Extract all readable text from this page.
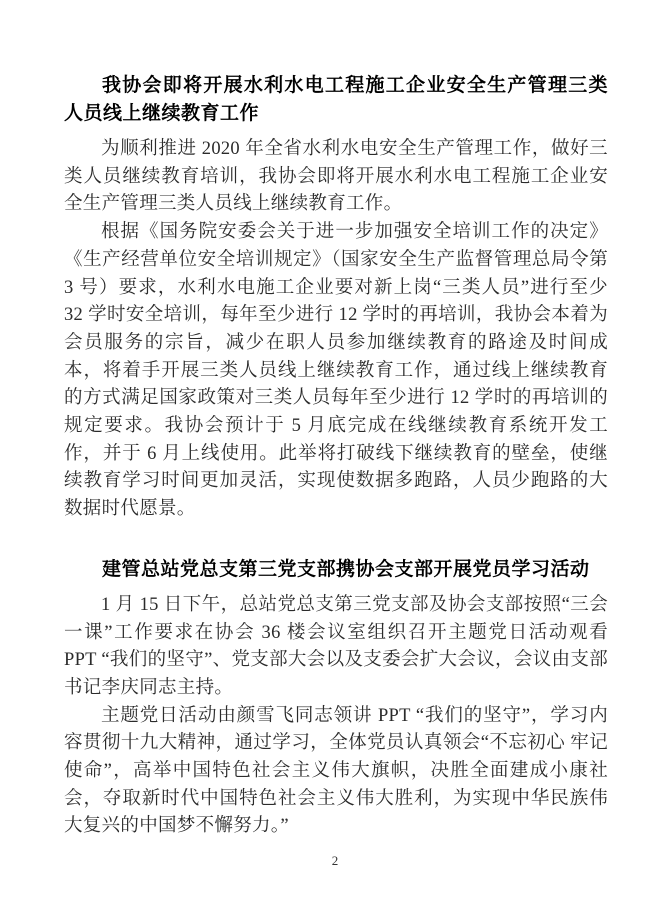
我协会即将开展水利水电工程施工企业安全生产管理三类人员线上继续教育工作

为顺利推进 2020 年全省水利水电安全生产管理工作，做好三类人员继续教育培训，我协会即将开展水利水电工程施工企业安全生产管理三类人员线上继续教育工作。

根据《国务院安委会关于进一步加强安全培训工作的决定》《生产经营单位安全培训规定》（国家安全生产监督管理总局令第 3 号）要求，水利水电施工企业要对新上岗“三类人员”进行至少 32 学时安全培训，每年至少进行 12 学时的再培训，我协会本着为会员服务的宗旨，减少在职人员参加继续教育的路途及时间成本，将着手开展三类人员线上继续教育工作，通过线上继续教育的方式满足国家政策对三类人员每年至少进行 12 学时的再培训的规定要求。我协会预计于 5 月底完成在线继续教育系统开发工作，并于 6 月上线使用。此举将打破线下继续教育的壁垒，使继续教育学习时间更加灵活，实现使数据多跑路，人员少跑路的大数据时代愿景。

建管总站党总支第三党支部携协会支部开展党员学习活动

1 月 15 日下午，总站党总支第三党支部及协会支部按照“三会一课”工作要求在协会 36 楼会议室组织召开主题党日活动观看 PPT “我们的坚守”、党支部大会以及支委会扩大会议，会议由支部书记李庆同志主持。

主题党日活动由颜雪飞同志领讲 PPT “我们的坚守”，学习内容贯彻十九大精神，通过学习，全体党员认真领会“不忘初心 牢记使命”，高举中国特色社会主义伟大旗帜，决胜全面建成小康社会，夺取新时代中国特色社会主义伟大胜利，为实现中华民族伟大复兴的中国梦不懈努力。”

2
